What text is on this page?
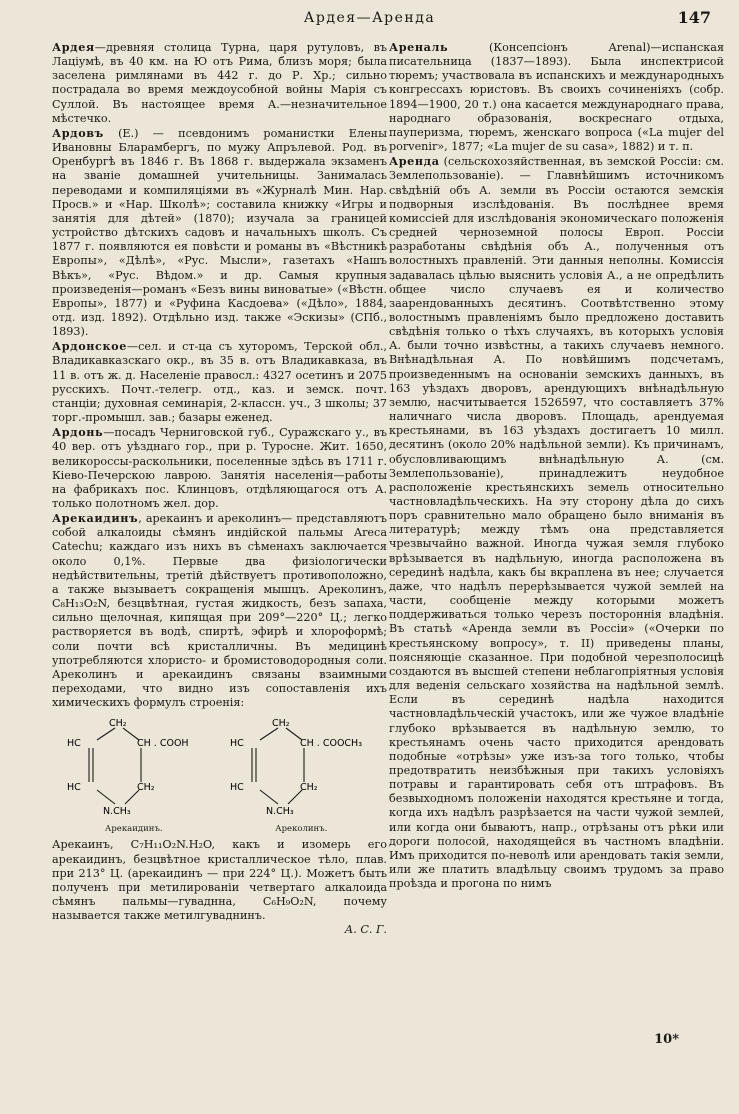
Ардея—Аренда	147

Ардея—древняя столица Турна, царя рутуловъ, въ Лаціумѣ, въ 40 км. на Ю отъ Рима, близъ моря; была заселена римлянами въ 442 г. до Р. Хр.; сильно пострадала во время междоусобной войны Марія съ Суллой. Въ настоящее время А.—незначительное мѣстечко.

Ардовъ (Е.) — псевдонимъ романистки Елены Ивановны Бларамбергъ, по мужу Апрълевой. Род. въ Оренбургѣ въ 1846 г. Въ 1868 г. выдержала экзаменъ на званіе домашней учительницы. Занималась переводами и компиляціями въ «Журналѣ Мин. Нар. Просв.» и «Нар. Школѣ»; составила книжку «Игры и занятія для дѣтей» (1870); изучала за границей устройство дѣтскихъ садовъ и начальныхъ школъ. Съ 1877 г. появляются ея повѣсти и романы въ «Вѣстникѣ Европы», «Дѣлѣ», «Рус. Мысли», газетахъ «Нашъ Вѣкъ», «Рус. Вѣдом.» и др. Самыя крупныя произведенія—романъ «Безъ вины виноватые» («Вѣстн. Европы», 1877) и «Руфина Касдоева» («Дѣло», 1884, отд. изд. 1892). Отдѣльно изд. также «Эскизы» (СПб., 1893).

Ардонское—сел. и ст-ца съ хуторомъ, Терской обл., Владикавказскаго окр., въ 35 в. отъ Владикавказа, въ 11 в. отъ ж. д. Населеніе правосл.: 4327 осетинъ и 2075 русскихъ. Почт.-телегр. отд., каз. и земск. почт. станціи; духовная семинарія, 2-класcн. уч., 3 школы; 37 торг.-промышл. зав.; базары еженед.

Ардонь—посадъ Черниговской губ., Суражскаго у., въ 40 вер. отъ уѣзднаго гор., при р. Туросне. Жит. 1650, великороссы-раскольники, поселенные здѣсь въ 1711 г. Кіево-Печерскою лаврою. Занятія населенія—работы на фабрикахъ пос. Клинцовъ, отдѣляющагося отъ А. только полотномъ жел. дор.

Арекаидинъ, арекаинъ и ареколинъ— представляютъ собой алкалоиды сѣмянъ индійской пальмы Areca Catechu; каждаго изъ нихъ въ сѣменахъ заключается около 0,1%. Первые два физіологически недѣйствительны, третій дѣйствуетъ противоположно, а также вызываетъ сокращенія мышцъ. Ареколинъ, C₈H₁₃O₂N, безцвѣтная, густая жидкость, безъ запаха, сильно щелочная, кипящая при 209°—220° Ц.; легко растворяется въ водѣ, спиртѣ, эфирѣ и хлороформѣ; соли почти всѣ кристалличны. Въ медицинѣ употребляются хлористо- и бромистоводородныя соли. Ареколинъ и арекаидинъ связаны взаимными переходами, что видно изъ сопоставленія ихъ химическихъ формулъ строенія:

CH₂
HC	CH . COOH
HC	CH₂
N.CH₃
Арекаидинъ.
CH₂
HC	CH . COOCH₃
HC	CH₂
N.CH₃
Ареколинъ.

Арекаинъ, C₇H₁₁O₂N.H₂O, какъ и изомерь его арекаидинъ, безцвѣтное кристаллическое тѣло, плав. при 213° Ц. (арекаидинъ — при 224° Ц.). Можетъ быть полученъ при метилированіи четвертаго алкалоида сѣмянъ пальмы—гуваднна, C₆H₉O₂N, почему называется также метилгуваднинъ.

А. С. Г.

Ареналь (Консепсіонъ Arenal)—испанская писательница (1837—1893). Была инспектрисой тюремъ; участвовала въ испанскихъ и международныхъ конгрессахъ юристовъ. Въ своихъ сочиненіяхъ (собр. 1894—1900, 20 т.) она касается международнаго права, народнаго образованія, воскреснаго отдыха, пауперизма, тюремъ, женскаго вопроса («La mujer del porvenir», 1877; «La mujer de su casa», 1882) и т. п.

Аренда (сельскохозяйственная, въ земской Россіи: см. Землепользованіе). — Главнѣйшимъ источникомъ свѣдѣній объ А. земли въ Россіи остаются земскія подворныя изслѣдованія. Въ послѣднее время комиссіей для изслѣдованія экономическаго положенія средней черноземной полосы Европ. Россіи разработаны свѣдѣнія объ А., полученныя отъ волостныхъ правленій. Эти данныя неполны. Комиссія задавалась цѣлью выяснить условія А., а не опредѣлить общее число случаевъ ея и количество заарендованныхъ десятинъ. Соотвѣтственно этому волостнымъ правленіямъ было предложено доставить свѣдѣнія только о тѣхъ случаяхъ, въ которыхъ условія А. были точно извѣстны, а такихъ случаевъ немного. Внѣнадѣльная А. По новѣйшимъ подсчетамъ, произведеннымъ на основаніи земскихъ данныхъ, въ 163 уѣздахъ дворовъ, арендующихъ внѣнадѣльную землю, насчитывается 1526597, что составляетъ 37% наличнаго числа дворовъ. Площадь, арендуемая крестьянами, въ 163 уѣздахъ достигаетъ 10 милл. десятинъ (около 20% надѣльной земли). Къ причинамъ, обусловливающимъ внѣнадѣльную А. (см. Землепользованіе), принадлежитъ неудобное расположеніе крестьянскихъ земель относительно частновладѣльческихъ. На эту сторону дѣла до сихъ поръ сравнительно мало обращено было вниманія въ литературѣ; между тѣмъ она представляется чрезвычайно важной. Иногда чужая земля глубоко врѣзывается въ надѣльную, иногда расположена въ серединѣ надѣла, какъ бы вкраплена въ нее; случается даже, что надѣлъ перерѣзывается чужой землей на части, сообщеніе между которыми можетъ поддерживаться только черезъ постороннія владѣнія. Въ статьѣ «Аренда земли въ Россіи» («Очерки по крестьянскому вопросу», т. II) приведены планы, поясняющіе сказанное. При подобной черезполосицѣ создаются въ высшей степени неблагопріятныя условія для веденія сельскаго хозяйства на надѣльной землѣ. Если въ серединѣ надѣла находится частновладѣльческій участокъ, или же чужое владѣніе глубоко врѣзывается въ надѣльную землю, то крестьянамъ очень часто приходится арендовать подобные «отрѣзы» уже изъ-за того только, чтобы предотвратить неизбѣжныя при такихъ условіяхъ потравы и гарантировать себя отъ штрафовъ. Въ безвыходномъ положеніи находятся крестьяне и тогда, когда ихъ надѣлъ разрѣзается на части чужой землей, или когда они бываютъ, напр., отрѣзаны отъ рѣки или дороги полосой, находящейся въ частномъ владѣніи. Имъ приходится по-неволѣ или арендовать такія земли, или же платить владѣльцу своимъ трудомъ за право проѣзда и прогона по нимъ

10*
